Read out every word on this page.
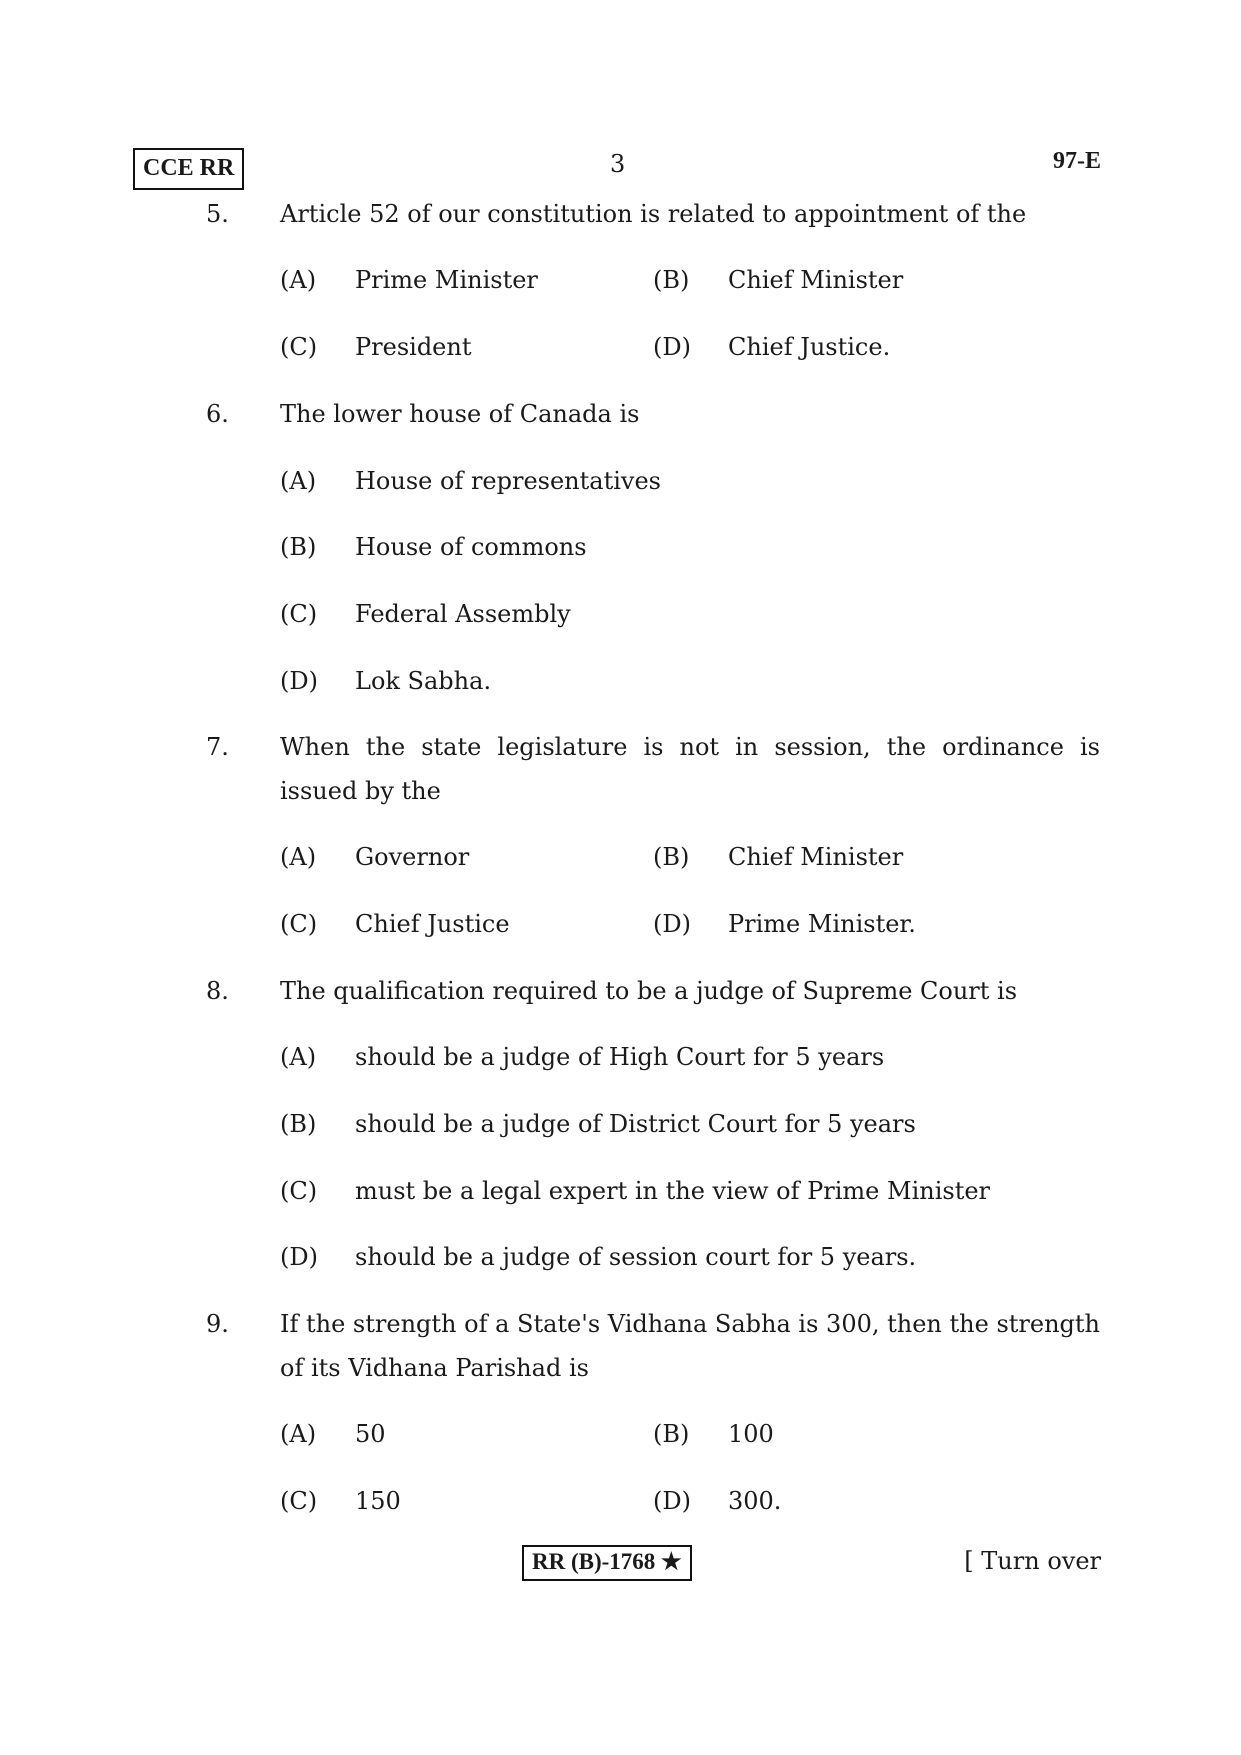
CCE RR	3	97-E
5. Article 52 of our constitution is related to appointment of the
(A) Prime Minister	(B) Chief Minister
(C) President	(D) Chief Justice.
6. The lower house of Canada is
(A) House of representatives
(B) House of commons
(C) Federal Assembly
(D) Lok Sabha.
7. When the state legislature is not in session, the ordinance is issued by the
(A) Governor	(B) Chief Minister
(C) Chief Justice	(D) Prime Minister.
8. The qualification required to be a judge of Supreme Court is
(A) should be a judge of High Court for 5 years
(B) should be a judge of District Court for 5 years
(C) must be a legal expert in the view of Prime Minister
(D) should be a judge of session court for 5 years.
9. If the strength of a State's Vidhana Sabha is 300, then the strength of its Vidhana Parishad is
(A) 50	(B) 100
(C) 150	(D) 300.
RR (B)-1768 ★	[ Turn over
